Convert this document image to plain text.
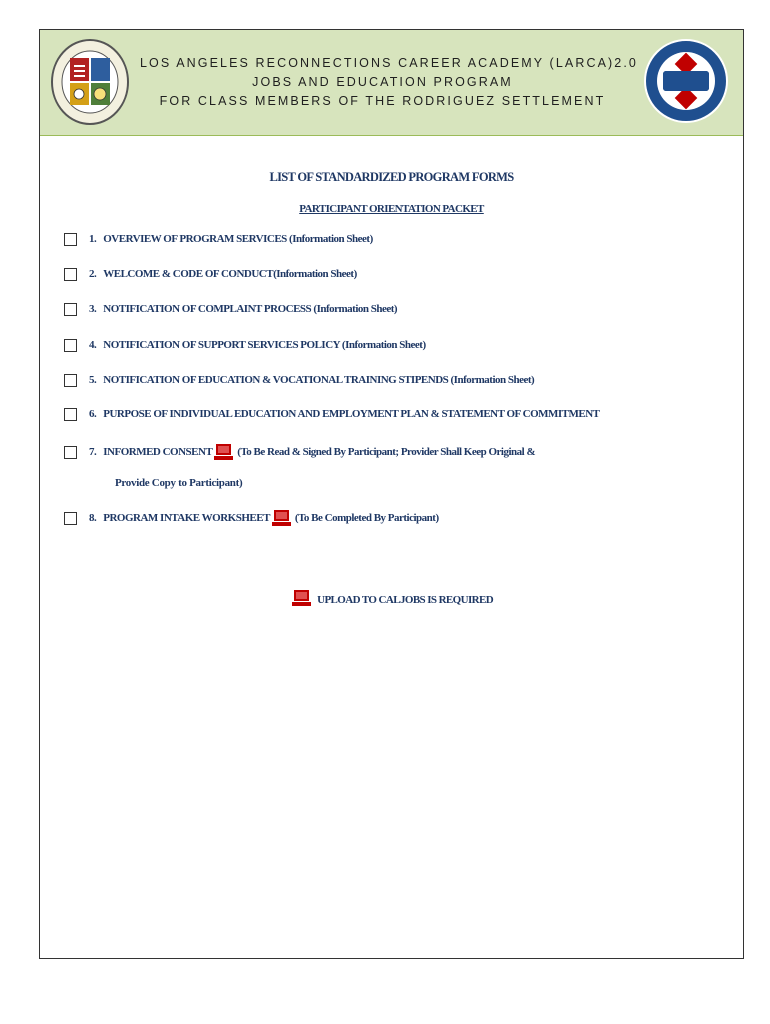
LOS ANGELES RECONNECTIONS CAREER ACADEMY (LARCA)2.0
JOBS AND EDUCATION PROGRAM
FOR CLASS MEMBERS OF THE RODRIGUEZ SETTLEMENT
LIST OF STANDARDIZED PROGRAM FORMS
PARTICIPANT ORIENTATION PACKET
1. OVERVIEW OF PROGRAM SERVICES (Information Sheet)
2. WELCOME & CODE OF CONDUCT(Information Sheet)
3. NOTIFICATION OF COMPLAINT PROCESS (Information Sheet)
4. NOTIFICATION OF SUPPORT SERVICES POLICY (Information Sheet)
5. NOTIFICATION OF EDUCATION & VOCATIONAL TRAINING STIPENDS (Information Sheet)
6. PURPOSE OF INDIVIDUAL EDUCATION AND EMPLOYMENT PLAN & STATEMENT OF COMMITMENT
7. INFORMED CONSENT (To Be Read & Signed By Participant; Provider Shall Keep Original &
Provide Copy to Participant)
8. PROGRAM INTAKE WORKSHEET (To Be Completed By Participant)
UPLOAD TO CALJOBS IS REQUIRED
